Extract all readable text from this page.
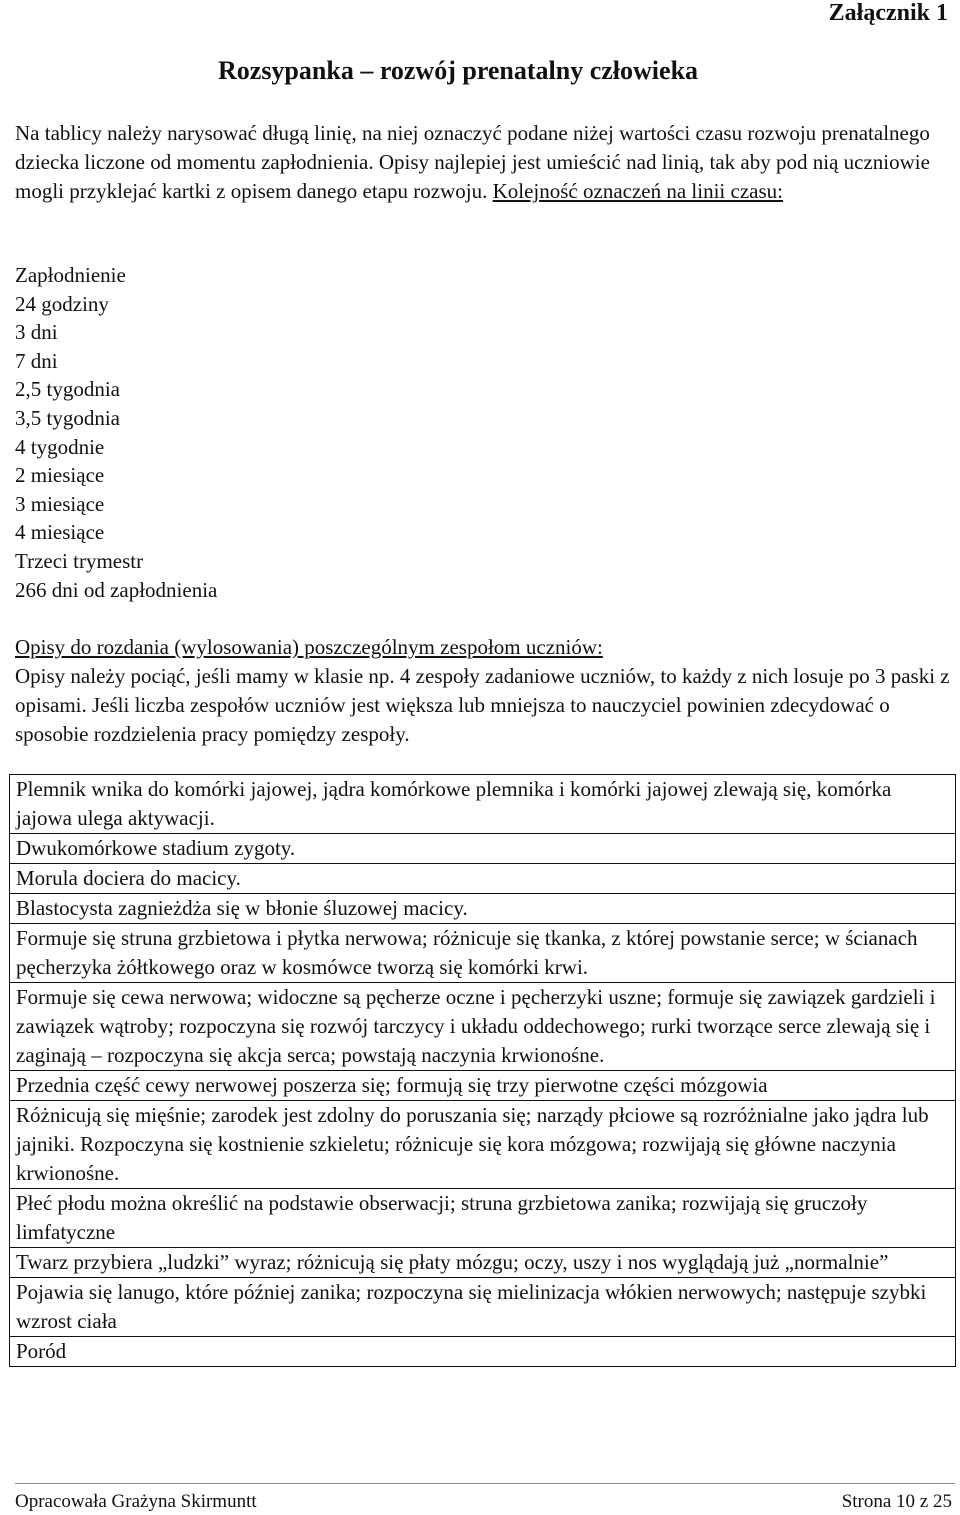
Załącznik 1
Rozsypanka – rozwój prenatalny człowieka

Na tablicy należy narysować długą linię, na niej oznaczyć podane niżej wartości czasu rozwoju prenatalnego dziecka liczone od momentu zapłodnienia. Opisy najlepiej jest umieścić nad linią, tak aby pod nią uczniowie mogli przyklejać kartki z opisem danego etapu rozwoju. Kolejność oznaczeń na linii czasu:

Zapłodnienie
24 godziny
3 dni
7 dni
2,5 tygodnia
3,5 tygodnia
4 tygodnie
2 miesiące
3 miesiące
4 miesiące
Trzeci trymestr
266 dni od zapłodnienia

Opisy do rozdania (wylosowania) poszczególnym zespołom uczniów:

Opisy należy pociąć, jeśli mamy w klasie np. 4 zespoły zadaniowe uczniów, to każdy z nich losuje po 3 paski z opisami. Jeśli liczba zespołów uczniów jest większa lub mniejsza to nauczyciel powinien zdecydować o sposobie rozdzielenia pracy pomiędzy zespoły.

Plemnik wnika do komórki jajowej, jądra komórkowe plemnika i komórki jajowej zlewają się, komórka jajowa ulega aktywacji.
Dwukomórkowe stadium zygoty.
Morula dociera do macicy.
Blastocysta zagnieżdża się w błonie śluzowej macicy.
Formuje się struna grzbietowa i płytka nerwowa; różnicuje się tkanka, z której powstanie serce; w ścianach pęcherzyka żółtkowego oraz w kosmówce tworzą się komórki krwi.
Formuje się cewa nerwowa; widoczne są pęcherze oczne i pęcherzyki uszne; formuje się zawiązek gardzieli i zawiązek wątroby; rozpoczyna się rozwój tarczycy i układu oddechowego; rurki tworzące serce zlewają się i zaginają – rozpoczyna się akcja serca; powstają naczynia krwionośne.
Przednia część cewy nerwowej poszerza się; formują się trzy pierwotne części mózgowia
Różnicują się mięśnie; zarodek jest zdolny do poruszania się; narządy płciowe są rozróżnialne jako jądra lub jajniki. Rozpoczyna się kostnienie szkieletu; różnicuje się kora mózgowa; rozwijają się główne naczynia krwionośne.
Płeć płodu można określić na podstawie obserwacji; struna grzbietowa zanika; rozwijają się gruczoły limfatyczne
Twarz przybiera „ludzki” wyraz; różnicują się płaty mózgu; oczy, uszy i nos wyglądają już „normalnie”
Pojawia się lanugo, które później zanika; rozpoczyna się mielinizacja włókien nerwowych; następuje szybki wzrost ciała
Poród
Opracowała Grażyna Skirmuntt	Strona 10 z 25
